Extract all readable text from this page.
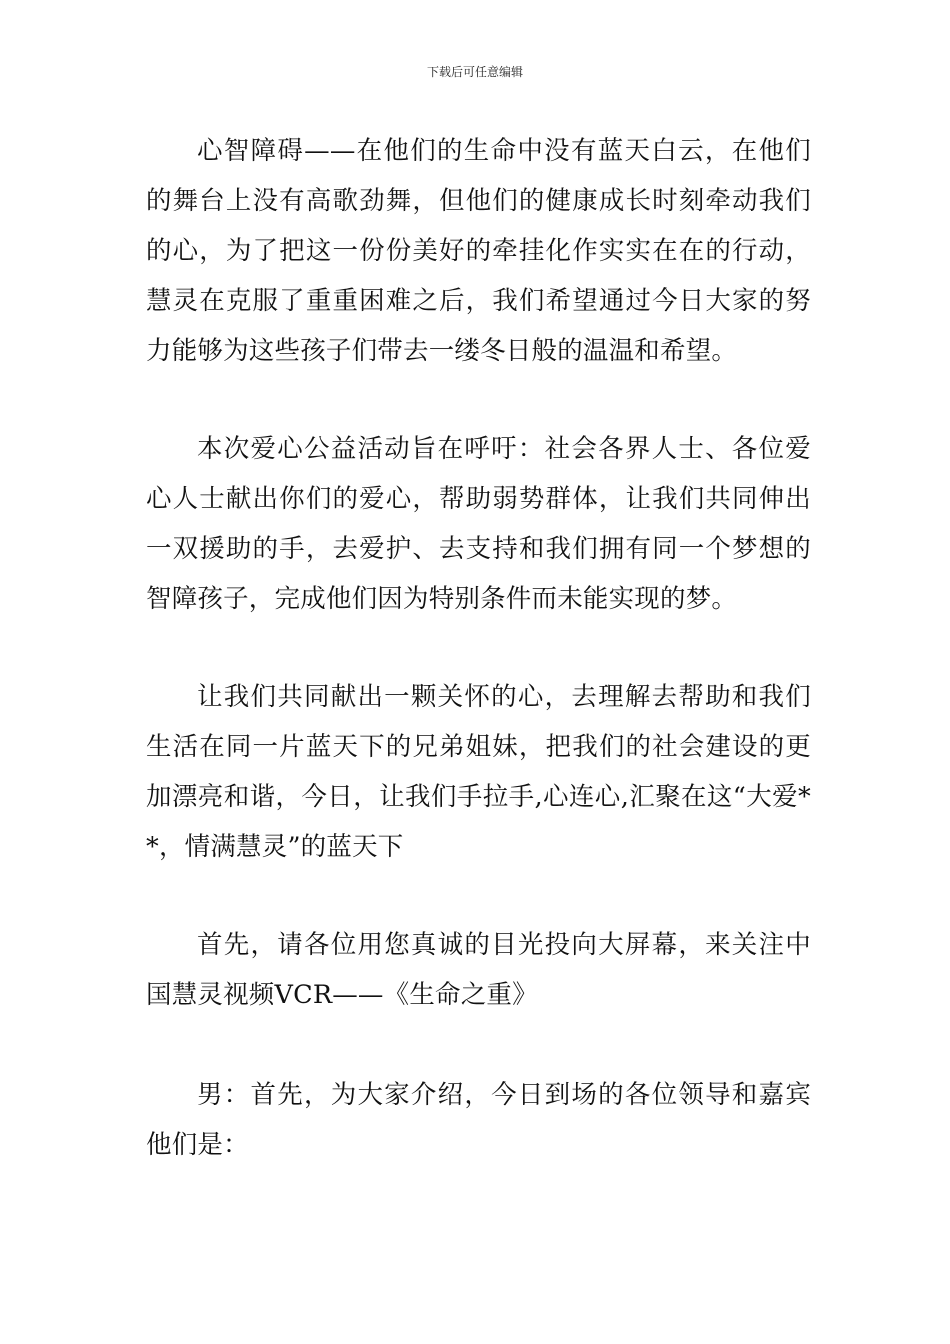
下载后可任意编辑

心智障碍——在他们的生命中没有蓝天白云，在他们的舞台上没有高歌劲舞，但他们的健康成长时刻牵动我们的心，为了把这一份份美好的牵挂化作实实在在的行动，慧灵在克服了重重困难之后，我们希望通过今日大家的努力能够为这些孩子们带去一缕冬日般的温温和希望。

本次爱心公益活动旨在呼吁：社会各界人士、各位爱心人士献出你们的爱心，帮助弱势群体，让我们共同伸出一双援助的手，去爱护、去支持和我们拥有同一个梦想的智障孩子，完成他们因为特别条件而未能实现的梦。

让我们共同献出一颗关怀的心，去理解去帮助和我们生活在同一片蓝天下的兄弟姐妹，把我们的社会建设的更加漂亮和谐，今日，让我们手拉手,心连心,汇聚在这“大爱**，情满慧灵”的蓝天下

首先，请各位用您真诚的目光投向大屏幕，来关注中国慧灵视频VCR——《生命之重》

男：首先，为大家介绍，今日到场的各位领导和嘉宾他们是：
